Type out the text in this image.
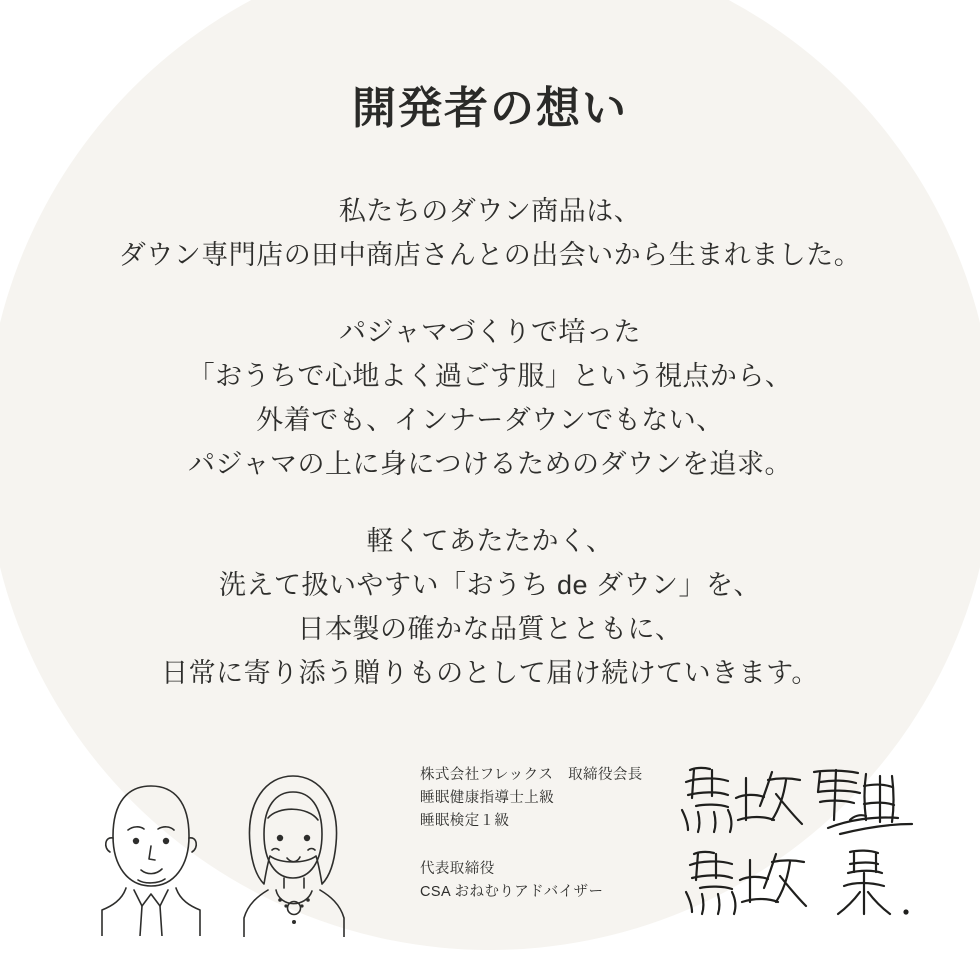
開発者の想い

私たちのダウン商品は、
ダウン専門店の田中商店さんとの出会いから生まれました。

パジャマづくりで培った
「おうちで心地よく過ごす服」という視点から、
外着でも、インナーダウンでもない、
パジャマの上に身につけるためのダウンを追求。

軽くてあたたかく、
洗えて扱いやすい「おうち de ダウン」を、
日本製の確かな品質とともに、
日常に寄り添う贈りものとして届け続けていきます。

株式会社フレックス　取締役会長
睡眠健康指導士上級
睡眠検定１級
代表取締役
CSA おねむりアドバイザー
